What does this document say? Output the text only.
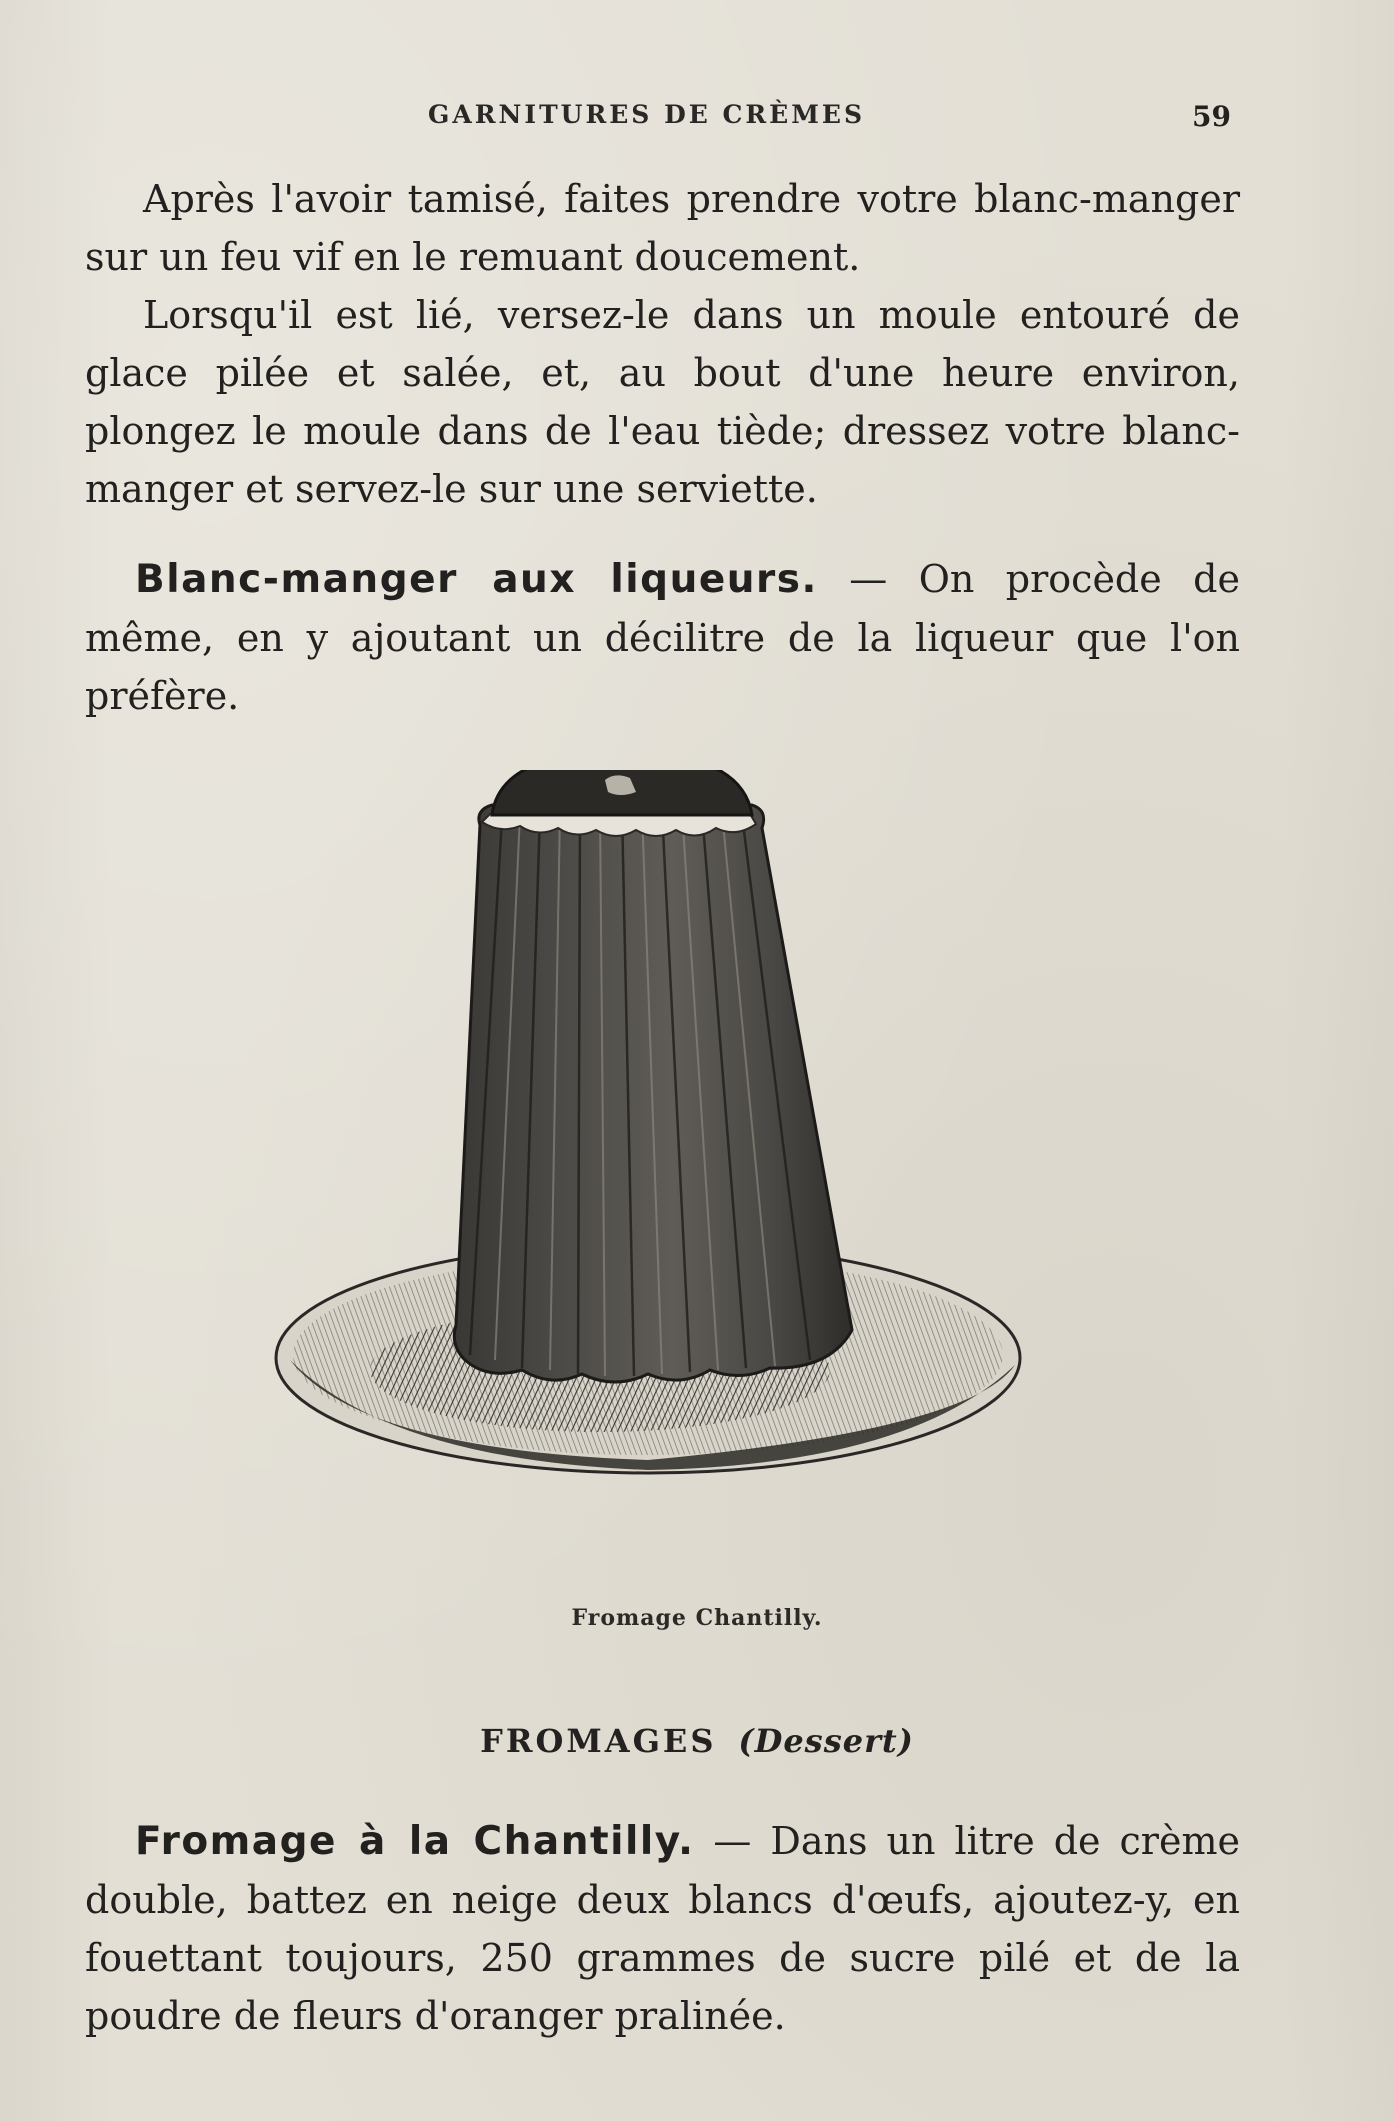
GARNITURES DE CRÈMES	59

Après l'avoir tamisé, faites prendre votre blanc-manger sur un feu vif en le remuant doucement.

Lorsqu'il est lié, versez-le dans un moule entouré de glace pilée et salée, et, au bout d'une heure environ, plongez le moule dans de l'eau tiède; dressez votre blanc-manger et servez-le sur une serviette.

Blanc-manger aux liqueurs. — On procède de même, en y ajoutant un décilitre de la liqueur que l'on préfère.

Fromage Chantilly.
FROMAGES (Dessert)

Fromage à la Chantilly. — Dans un litre de crème double, battez en neige deux blancs d'œufs, ajoutez-y, en fouettant toujours, 250 grammes de sucre pilé et de la poudre de fleurs d'oranger pralinée.
